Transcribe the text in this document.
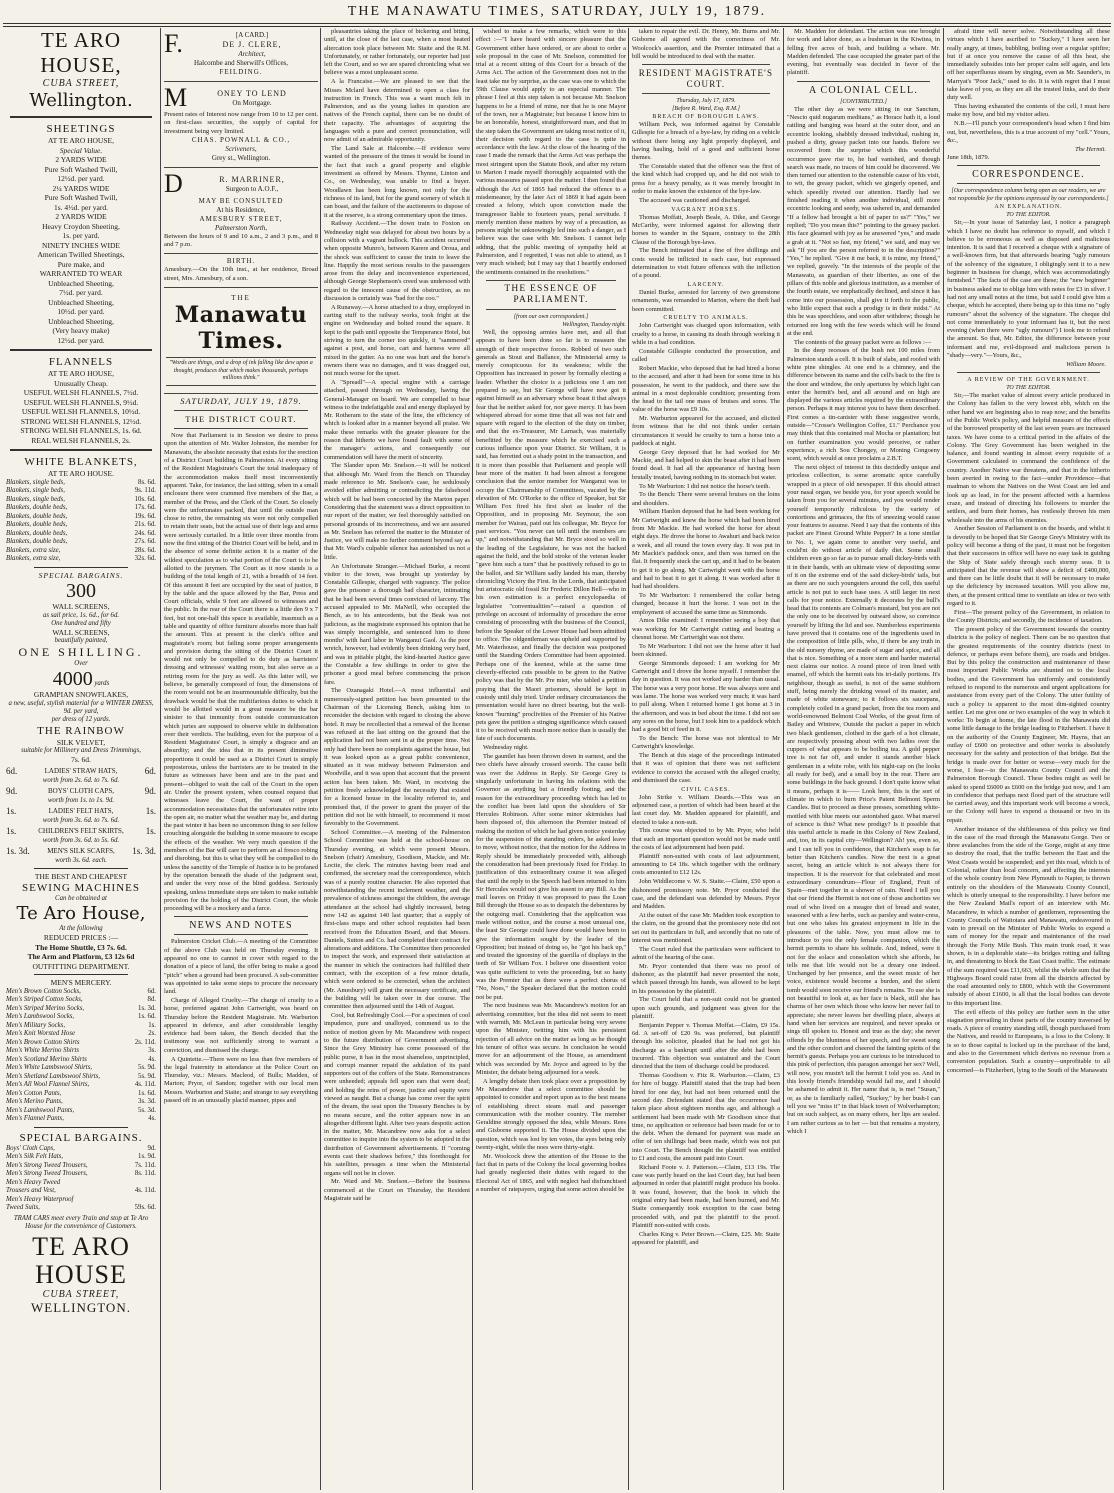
THE MANAWATU TIMES, SATURDAY, JULY 19, 1879.
TE ARO HOUSE,
CUBA STREET,
Wellington.
SHEETINGS
AT TE ARO HOUSE,
Special Value.
2 YARDS WIDE
Pure Soft Washed Twill,
12½d. per yard.
2¼ YARDS WIDE
Pure Soft Washed Twill,
1s. 4½d. per yard.
2 YARDS WIDE
Heavy Croydon Sheeting,
1s. per yard.
NINETY INCHES WIDE
American Twilled Sheetings,
Pure make, and
WARRANTED TO WEAR
Unbleached Sheeting,
7½d. per yard.
Unbleached Sheeting,
10½d. per yard.
Unbleached Sheeting,
(Very heavy make)
12½d. per yard.
FLANNELS
AT TE ARO HOUSE,
Unusually Cheap.
USEFUL WELSH FLANNELS, 7½d.
USEFUL WELSH FLANNELS, 9½d.
USEFUL WELSH FLANNELS, 10½d.
STRONG WELSH FLANNELS, 12½d.
STRONG WELSH FLANNELS, 1s. 6d.
REAL WELSH FLANNELS, 2s.
WHITE BLANKETS,
AT TE ARO HOUSE.
Blankets, single beds,	8s. 6d.
Blankets, single beds,	9s. 11d.
Blankets, single beds,	10s. 6d.
Blankets, double beds,	17s. 6d.
Blankets, double beds,	19s. 6d.
Blankets, double beds,	21s. 6d.
Blankets, double beds,	24s. 6d.
Blankets, double beds,	27s. 6d.
Blankets, extra size,	28s. 6d.
Blankets, extra size,	32s. 6d.
SPECIAL BARGAINS.
300
WALL SCREENS,
as sail price, 1s. 6d., for 6d.
One hundred and fifty
WALL SCREENS,
beautifully painted,
ONE SHILLING.
Over
4000 yards
GRAMPIAN SNOWFLAKES,
a new, useful, stylish material for a WINTER DRESS,
9d. per yard,
per dress of 12 yards.
THE RAINBOW
SILK VELVET,
suitable for Millinery and Dress Trimmings,
7s. 6d.
6d.	LADIES' STRAW HATS,	6d.
worth from 2s. 6d. to 7s. 6d.
9d.	BOYS' CLOTH CAPS,	9d.
worth from 1s. to 1s. 9d.
1s.	LADIES' FELT HATS,	1s.
worth from 3s. 6d. to 7s. 6d.
1s.	CHILDREN'S FELT SKIRTS, 1s.
worth from 3s. 6d. to 5s. 6d.
1s. 3d. MEN'S SILK SCARFS, 1s. 3d.
worth 3s. 6d. each.
THE BEST AND CHEAPEST
SEWING MACHINES
Can be obtained at
Te Aro House,
At the following
REDUCED PRICES :—
The Home Shuttle, £3 7s. 6d.
The Arm and Platform, £3 12s 6d
OUTFITTING DEPARTMENT.
MEN'S MERCERY.
Men's Brown Cotton Socks,	6d.
Men's Striped Cotton Socks,	8d.
Men's Striped Merino Socks,	1s. 3d.
Men's Lambswool Socks,	1s. 6d.
Men's Military Socks,	1s.
Men's Knit Worsted Hose	2s.
Men's Brown Cotton Shirts	2s. 11d.
Men's White Merino Shirts	3s.
Men's Scotland Merino Shirts	4s.
Men's White Lambswool Shirts,	5s. 9d.
Men's Shetland Lambswool Shirts,	5s. 9d.
Men's All Wool Flannel Shirts,	4s. 11d.
Men's Cotton Pants,	1s. 6d.
Men's Merino Pants,	3s. 3d.
Men's Lambswool Pants,	5s. 3d.
Men's Flannel Pants,	4s.
SPECIAL BARGAINS.
Boys' Cloth Caps,	9d.
Men's Silk Felt Hats,	1s. 9d.
Men's Strong Tweed Trousers,	7s. 11d.
Men's Strong Tweed Trousers,	8s. 11d.
Men's Heavy Tweed
Trousers and Vest,	4s. 11d.
Men's Heavy Waterproof
Tweed Suits,	59s. 6d.
TRAM CARS meet every Train and stop at Te Aro House for the convenience of Customers.
TE ARO HOUSE
CUBA STREET,
WELLINGTON.
F.	[A CARD.]
DE J. CLERE,
Architect,
Halcombe and Sherwill's Offices,
FEILDING.
M	ONEY TO LEND
On Mortgage.
Present rates of Interest now range from 10 to 12 per cent. on first-class securities, the supply of capital for investment being very limited.
CHAS. POWNALL & CO.,
Scriveners,
Grey st., Wellington.
D	R. MARRINER,
Surgeon to A.O.F.,
MAY BE CONSULTED
At his Residence,
AMESBURY STREET,
Palmerston North,
Between the hours of 9 and 10 a.m., 2 and 3 p.m., and 8 and 7 p.m.
BIRTH.
Amesbury.—On the 10th inst., at her residence, Broad street, Mrs. Amesbury, of a son.
THE
Manawatu Times.
"Words are things, and a drop of ink falling like dew upon a thought, produces that which makes thousands, perhaps millions think."
SATURDAY, JULY 19, 1879.
THE DISTRICT COURT.

Now that Parliament is in Session we desire to press upon the attention of Mr. Walter Johnston, the member for Manawatu, the absolute necessity that exists for the erection of a District Court building in Palmerston. At every sitting of the Resident Magistrate's Court the total inadequacy of the accommodation makes itself most inconveniently apparent. Take, for instance, the last sitting, when in a small enclosure there were crammed five members of the Bar, a member of the Press, and the Clerk of the Court. So closely were the unfortunates packed, that until the outside man chose to retire, the remaining six were not only compelled to retain their seats, but the actual use of their legs and arms were seriously curtailed. In a little over three months from now the first sitting of the District Court will be held, and in the absence of some definite action it is a matter of the wildest speculation as to what portion of the Court is to be allotted to the jurymen. The Court as it now stands is a building of the total length of 21, with a breadth of 14 feet. Of this amount 8 feet are occupied by the seat of justice, 8 by the table and the space allowed by the Bar, Press and Court officials, while 9 feet are allowed to witnesses and the public. In the rear of the Court there is a little den 9 x 7 feet, but not one-half this space is available, inasmuch as a table and quantity of office furniture absorbs more than half the amount. This at present is the clerk's office and magistrate's room; but failing some proper arrangements and provision during the sitting of the District Court it would not only be compelled to do duty as barristers' dressing and witnesses' waiting room, but also serve as a retiring room for the jury as well. As this latter will, we believe, be generally composed of four, the dimensions of the room would not be an insurmountable difficulty, but the drawback would be that the multifarious duties to which it would be allotted would in a great measure be the bar sinister to that immunity from outside communication which juries are supposed to observe while in deliberation over their verdicts. The building, even for the purpose of a Resident Magistrates' Court, is simply a disgrace and an absurdity; and the idea that in its present diminutive proportions it could be used as a District Court is simply preposterous, unless the barristers are to be treated in the future as witnesses have been and are in the past and present—obliged to wait the call of the Court in the open air. Under the present system, when counsel request that witnesses leave the Court, the want of proper accommodation necessitates that the unfortunates retire into the open air, no matter what the weather may be, and during the past winter it has been no uncommon thing to see fellow crouching alongside the building in some measure to escape the effects of the weather. We very much question if the members of the Bar will care to perform an al fresco robing and disrobing, but this is what they will be compelled to do unless the sanctity of the Temple of Justice is to be profaned by the operation beneath the shade of the judgment seat, and under the very nose of the blind goddess. Seriously speaking, unless immediate steps are taken to make suitable provision for the holding of the District Court, the whole proceeding will be a mockery and a farce.

NEWS AND NOTES

Palmerston Cricket Club.—A meeting of the Committee of the above Club was held on Thursday evening. It appeared no one to cannot in cover with regard to the donation of a piece of land, the offer being to make a good "pitch" when a ground had been procured. A sub-committee was appointed to take some steps to procure the necessary land.

Charge of Alleged Cruelty.—The charge of cruelty to a horse, preferred against John Cartwright, was heard on Thursday before the Resident Magistrate. Mr. Warburton appeared in defence, and after considerable lengthy evidence had been taken, the Bench decided that the testimony was not sufficiently strong to warrant a conviction, and dismissed the charge.

A Quintette.—There were no less than five members of the legal fraternity in attendance at the Police Court on Thursday, viz.: Messrs. Macleod, of Bulls; Madden, of Marton; Pryor, of Sandon; together with our local men Messrs. Warburton and Staite; and strange to say everything passed off in an unusually placid manner, pipes and

pleasantries taking the place of bickering and biting, until, at the close of the last case, when a most heated altercation took place between Mr. Staite and the R.M. Unfortunately, or rather fortunately, our reporter had just left the Court, and so we are spared chronicling what we believe was a most unpleasant scene.

A la Francaise.—We are pleased to see that the Misses Mclard have determined to open a class for instruction in French. This was a want much felt in Palmerston, and as the young ladies in question are natives of the French capital, there can be no doubt of their capacity. The advantages of acquiring the languages with a pure and correct pronunciation, will now admit of an admirable opportunity.

The Land Sale at Halcombe.—If evidence were wanted of the pressure of the times it would be found in the fact that such a grand property and eligible investment as offered by Messrs. Thynne, Linton and Co., on Wednesday, was unable to find a buyer. Woodlawn has been long known, not only for the richness of its land, but for the grand scenery of which it can boast, and the failure of the auctioneers to dispose of it at the reserve, is a strong commentary upon the times.

Railway Accident.—The down train to Foxton on Wednesday night was delayed for about two hours by a collision with a vagrant bullock. This accident occurred when opposite Munro's, between Karere and Oroua, and the shock was sufficient to cause the train to leave the line. Happily the most serious results to the passengers arose from the delay and inconvenience experienced, although George Stephenson's creed was undersood with regard to the innocent cause of the obstruction, as no discussion is certainly was "bad for the coo."

A Runaway.—A horse attached to a dray, employed in carting stuff to the railway works, took fright at the engine on Wednesday and bolted round the square. It kept to the path until opposite the Temperance Hotel, but striving to turn the corner too quickly, it "sammered" against a post, and horse, cart and harness were all mixed in the gutter. As no one was hurt and the horse's owners there was no damages, and it was dragged out, not much worse for the upset.

A "Spreadl"—A special engine with a carriage attached, passed through on Wednesday, having the General-Manager on board. We are compelled to bear witness to the indefatigable zeal and energy displayed by Mr. Rotheram to the state of the line, the efficiency of which is looked after in a manner beyond all praise. We make these remarks with the greater pleasure for the reason that hitherto we have found fault with some of the manager's actions, and consequently our commendation will have the merit of sincerity.

The Slander upon Mr. Snelson.—It will be noticed that although Mr. Ward from the Bench on Thursday made reference to Mr. Snelson's case, he sedulously avoided either admitting or contradicting the falsehood which will be had been concocted by the Marton paper. Considering that the statement was a direct opposition to our report of the matter, we feel thoroughly satisfied on personal grounds of its incorrectness, and we are assured as Mr. Snelson has referred the matter to the Minister of Justice, we will make no further comment beyond say as that Mr. Ward's culpable silence has astonished us not a little.

An Unfortunate Stranger.—Michael Burke, a recent visitor to the town, was brought up yesterday by Constable Gillespie, charged with vagrancy. The police gave the prisoner a thorough bad character, intimating that he had been several times convicted of larceny. The accused appealed to Mr. MaNeill, who occupied the Bench, as to his antecedents, but the Beak was not judicious, as the magistrate expressed his opinion that he was simply incorrigible, and sentenced him to three months' with hard labor in Wanganui Gaol. As the poor wretch, however, had evidently been drinking very hard, and was in pitiable plight, the kind-hearted Justice gave the Constable a few shillings in order to give the prisoner a good meal before commencing the prison fare.

The Ozanagaki Hotel.—A most influential and numerously-signed petition has been presented to the Chairman of the Licensing Bench, asking him to reconsider the decision with regard to closing the above hotel. It may be recollected that a renewal of the license was refused at the last sitting on the ground that the application had not been sent in at the proper time. Not only had there been no complaints against the house, but it was looked upon as a great public convenience, situated as it was midway between Palmerston and Woodville, and it was upon that account that the present action has been taken. Mr. Ward, in receiving the petition freely acknowledged the necessity that existed for a licensed house in the locality referred to, and promised that, if the power to grant the prayer of the petition did not lie with himself, to recommend it most favorably to the Government.

School Committee.—A meeting of the Palmerston School Committee was held at the school-house on Thursday evening, at which were present Messrs. Snelson (chair) Amesbury, Goodison, Mackie, and Mr. Loctie, the clerk. The minutes having been read and confirmed, the secretary read the correspondence, which was of a purely routine character. He also reported that notwithstanding the recent inclement weather, and the prevalence of sickness amongst the children, the average attendance at the school had slightly increased, being now 142 as against 140 last quarter; that a supply of first-class maps and other school requisites had been received from the Education Board, and that Messrs. Daniels, Sutton and Co. had completed their contract for alterations and additions. The Committee then proceeded to inspect the work, and expressed their satisfaction at the manner in which the contractors had fulfilled their contract, with the exception of a few minor details, which were ordered to be corrected, when the architect (Mr. Amesbury) will grant the necessary certificate, and the building will be taken over in due course. The committee then adjourned until the 14th of August.

Cool, but Refreshingly Cool.—For a specimen of cool impudence, pure and unalloyed, commend us to the notice of motion given by Mr. Macandrew with respect to the future distribution of Government advertising. Since the Grey Ministry has come possessed of the public purse, it has in the most shameless, unprincipled, and corrupt manner repaid the adulation of its paid supporters out of the coffers of the State. Remonstrances were unheeded; appeals fell upon ears that were deaf; and holding the reins of power, justice and equity were viewed as naught. But a change has come over the spirit of the dream, the seat upon the Treasury Benches is by no means secure, and the rotter appears now in an altogether different light. After two years despotic action in the matter, Mr. Macandrew now asks for a select committee to inquire into the system to be adopted in the distribution of Government advertisements. If "coming events cast their shadows before," this forethought for his satellites, presages a time when the Ministerial organs will not be in clover.

Mr. Ward and Mr. Snelson.—Before the business commenced at the Court on Thursday, the Resident Magistrate said he

wished to make a few remarks, which were to this effect :—"I have heard with sincere pleasure that the Government either have ordered, or are about to order a sole proposal in the case of Mr. Snelson, committed for trial at a recent sitting of this Court for a breach of the Arms Act. The action of the Government does not in the least take me by surprise, as the case was one to which the 59th Clause would apply to an especial manner. The phrase I feel at this step taken is not because Mr. Snelson happens to be a friend of mine, nor that he is one Mayor of the town, nor a Magistrate; but because I know him to be an honorable, honest, straightforward man, and that in the step taken the Government are taking most notice of it, their decision with regard to the case is quite in accordance with the law. At the close of the hearing of the case I made the remark that the Arms Act was perhaps the most stringent upon the Statute Book, and after my return to Marton I made myself thoroughly acquainted with the various measures passed upon the matter. I then found that although the Act of 1865 had reduced the offence to a misdemeanor, by the later Act of 1869 it had again been created a felony, which upon conviction made the transgressor liable to fourteen years, penal servitude. I merely mention these matters by way of a precaution, as persons might be unknowingly led into such a danger, as I believe was the case with Mr. Snelson. I cannot help adding, that the public meeting of sympathy held at Palmerston, and I regretted, I was not able to attend, as I very much wished; but I may say that I heartily endorsed the sentiments contained in the resolutions."

THE ESSENCE OF PARLIAMENT.
[from our own correspondent.]
Wellington, Tuesday night.

Well, the opposing armies have met, and all that appears to have been done so far is to measure the strength of their respective forces. Robbed of two such generals as Stout and Ballance, the Ministerial army is merely conspicuous for its weakness; while the Opposition has increased in power by formally electing a leader. Whether the choice is a judicious one I am not prepared to say, but Sir George will have now got it against himself as an adversary whose boast it that always fear that he neither asked for, nor gave mercy. It has been whispered abroad for some time that all was not fair and square with regard to the election of the duty on timber, and that the ex-Treasurer, Mr Larnach, was materially benefitted by the measure which he exercised such a curious influence upon your District. Sir William, it is said, has ferretted out a shady point in the transaction, and it is more than possible that Parliament and people will hear more of the matter. It had been almost a foregone conclusion that the senior member for Wanganui was to occupy the Chairmanship of Committees, vacated by the elevation of Mr. O'Rorke to the office of Speaker, but Sir William Fox fired his first shot as leader of the Opposition, and in proposing Mr. Seymour, the son member for Wairau, paid out his colleague, Mr. Bryce for past services. "You never can tell until the members are up," and notwithstanding that Mr. Bryce stood so well in the leading of the Legislature, he was not the backed against the field, and the bold stroke of the veteran leader "gave him such a turn" that he positively refused to go to the ballot, and Sir William sadly landed his man, thereby chronicling Victory the First. In the Lords, that anticipated but aristocratic old fossil Sir Frederic Dillon Bell—who in his own estimation is a perfect encyclopaedia of legislative "conventualities"—raised a question of privilege on account of informality of procedure the error consisting of proceeding with the business of the Council, before the Speaker of the Lower House had been admitted to office. The oldgentleman was upheld and supported by Mr. Waterhouse, and finally the decision was postponed until the Standing Orders Committee had been appointed. Perhaps one of the keenest, while at the same time cleverly-effected cuts possible to be given to the Native policy was that by the Mr. Pre mier, who tabled a petition praying that the Maori prisoners, should be kept in custody until duly tried. Under ordinary circumstances the presentation would have no direct bearing, but the well-known "burning" proclivities of the Premier of his Native pets gave the petition a stinging significance which caused it to be received with much more notice than is usually the fate of such documents.

Wednesday night.

The gauntlet has been thrown down in earnest, and the two chiefs have already crossed swords. The cause belli was over the Address in Reply. Sir George Grey is singularly unfortunate in having his relations with the Governor as anything but a friendly footing, and the reason for the extraordinary proceeding which has led to the conflict has been laid upon the shoulders of Sir Hercules Robinson. After some minor skirmishes had been disposed of, this afternoon the Premier instead of making the motion of which he had given notice yesterday for the suspension of the standing orders, he asked leave to move, without notice, that the motion for the Address in Reply should be immediately proceeded with, although the consideration had been previously fixed for Friday. In justification of this extraordinary course it was alleged that until the reply to the Speech had been returned to him Sir Hercules would not give his assent to any Bill. As the mail leaves on Friday it was proposed to pass the Loan Bill through the House so as to despatch the debentures by the outgoing mail. Considering that the application was made without notice, and the course a most unusual one, the least Sir George could have done would have been to give the information sought by the leader of the Opposition; but instead of doing so, he "got his back up," and treated the ignominy of the guerilla of displays in the teeth of Sir William Fox. I believe one dissentient voice was quite sufficient to veto the proceeding, but so hasty was the Premier that as there were a perfect chorus of "No, Noes," the Speaker declared that the motion could not be put.

The next business was Mr. Macandrew's motion for an advertising committee, but the idea did not seem to meet with warmth, Mr. McLean in particular being very severe upon the Minister, twitting him with his persistent rejection of all advice on the matter as long as he thought his tenure of office was secure. In conclusion he would move for an adjournment of the House, as amendment which was seconded by Mr. Joyce and agreed to by the Minister, the debate being adjourned for a week.

A lengthy debate then took place over a proposition by Mr Macandrew that a select committee should be appointed to consider and report upon as to the best means of establishing direct steam mail and passenger communication with the mother country. The member Geraldine strongly opposed the idea, while Messrs. Rees and Gisborne supported it. The House divided upon the question, which was lost by ten votes, the ayes being only twenty-eight, while the noes were thirty-eight.

Mr. Woolcock drew the attention of the House to the fact that in parts of the Colony the local governing bodies had greatly neglected their duties with regard to the Electoral Act of 1865, and with neglect had disfranchised a number of ratepayers, urging that some action should be

taken to repair the evil. Dr. Henry, Mr. Burns and Mr. Gisborne all agreed with the correctness of Mr. Woolcock's assertion, and the Premier intimated that a bill would be introduced to deal with the matter.

RESIDENT MAGISTRATE'S COURT.
Thursday, July 17, 1879.
[Before R. Ward, Esq. R.M.]
BREACH OF BOROUGH LAWS.

William Peck, was informed against by Constable Gillespie for a breach of a bye-law, by riding on a vehicle without there being any light properly displayed, and having hauling, hold of a good and sufficient horse themes.

The Constable stated that the offence was the first of the kind which had cropped up, and he did not wish to press for a heavy penalty, as it was merely brought in order to make known the existence of the bye-law.

The accused was cautioned and discharged.

VAGRANT HORSES.

Thomas Moffatt, Joseph Beale, A. Dike, and George McCarthy, were informed against for allowing their horses to wander in the Square, contrary to the 28th Clause of the Borough bye-laws.

The Bench intimated that a fine of five shillings and costs would be inflicted in each case, but expressed determination to visit future offences with the infliction of a pound.

LARCENY.

Daniel Burke, arrested for larceny of two greenstone ornaments, was remanded to Marton, where the theft had been committed.

CRUELTY TO ANIMALS.

John Cartwright was charged upon information, with cruelty to a horse, in causing its death through working it while in a bad condition.

Constable Gillespie conducted the prosecution, and called

Robert Mackie, who deposed that he had hired a horse to the accused, and after it had been for some time in his possession, he went to the paddock, and there saw the animal in a most deplorable condition; presenting from the head to the tail one mass of bruises and sores. The value of the horse was £9 10s.

Mr. Warburton appeared for the accused, and elicited from witness that he did not think under certain circumstances it would be cruelty to turn a horse into a paddock at night.

George Grey deposed that he had worked for Mr Mackie, and had helped to skin the beast after it had been found dead. It had all the appearance of having been brutally treated, having nothing in its stomach but water.

To Mr Warburton: I did not notice the horse's teeth.

To the Bench: There were several bruises on the loins and shoulders.

William Hanlon deposed that he had been working for Mr Cartwright and knew the horse which had been hired from Mr Mackie. He had worked the horse for about eight days. He drove the horse to Awahuri and back twice a week, and all round the town every day. It was put in Mr Mackie's paddock once, and then was turned on the flat. It frequently stuck the cart up, and it had to be beaten to get it to go along. Mr Cartwright went with the horse and had to beat it to get it along. It was worked after it had had shoulders.

To Mr Warburton: I remembered the collar being changed, because it hurt the horse. I was not in the employment of accused the same time as Simmonds.

Amos Dike examined: I remember seeing a boy that was working for Mr Cartwright cutting and beating a chesnut horse. Mr Cartwright was not there.

To Mr Warburton: I did not see the horse after it had been skinned.

George Simmonds deposed: I am working for Mr Cartwright and I drove the horse myself. I remember the day in question. It was not worked any harder than usual. The horse was a very poor horse. He was always sore and was lame. The horse was worked very much; it was hard to pull along. When I returned home I got home at 3 in the afternoon, and was in bed about the time. I did not see any sores on the horse, but I took him to a paddock which had a good bit of feed in it.

To the Bench: The horse was not identical to Mr Cartwright's knowledge.

The Bench at this stage of the proceedings intimated that it was of opinion that there was not sufficient evidence to convict the accused with the alleged cruelty, and dismissed the case.

CIVIL CASES.

John Strike v. William Deards.—This was an adjourned case, a portion of which had been heard at the last court day. Mr. Madden appeared for plaintiff, and elected to take a non-suit.

This course was objected to by Mr. Pryor, who held that such an important question would not be made until the costs of last adjournment had been paid.

Plaintiff non-suited with costs of last adjournment, amounting to £4 18s. which together with the ordinary costs amounted to £12 12s.

John Widdlecome v. W. S. Staite.—Claim, £50 upon a dishonored promissory note. Mr. Pryor conducted the case, and the defendant was defended by Messrs. Pryor and Madden.

At the outset of the case Mr. Madden took exception to the claim, on the ground that the promissory note did not set out its particulars in full, and secondly that no rate of interest was mentioned.

The Court ruled that the particulars were sufficient to admit of the hearing of the case.

Mr. Pryor contended that there was no proof of dishonor, as the plaintiff had never presented the note, which passed through his hands, was allowed to be kept in his possession by the plaintiff.

The Court held that a non-suit could not be granted upon such grounds, and judgment was given for the plaintiff.

Benjamin Pepper v. Thomas Moffat.—Claim, £9 15s. 6d. A set-off of £20 9s. was preferred, but plaintiff through his solicitor, pleaded that he had not got his discharge as a bankrupt until after the debt had been incurred. This objection was sustained and the Court directed that the item of discharge could be produced.

Thomas Goodison v. Fitz R. Warburton.—Claim, £3 for hire of buggy. Plaintiff stated that the trap had been hired for one day, but had not been returned until the second day. Defendant stated that the occurrence had taken place about eighteen months ago, and although a settlement had been made with Mr Goodison since that time, no application or reference had been made for or to the debt. When the demand for payment was made an offer of ten shillings had been made, which was not put into Court. The Bench thought the plaintiff was entitled to £1 and costs, the amount paid into Court.

Richard Foote v. J. Patterson.—Claim, £13 19s. The case was partly heard on the last Court day, but had been adjourned in order that plaintiff might produce his books. It was found, however, that the book in which the original entry had been made, had been burned, and Mr. Staite consequently took exception to the case being proceeded with, and put the plaintiff to the proof. Plaintiff non-suited with costs.

Charles King v. Peter Brown.—Claim, £25. Mr. Staite appeared for plaintiff, and

Mr. Madden for defendant. The action was one brought for work and labor done, as a bushman in the Kiwitea, in felling five acres of bush, and building a whare. Mr. Madden defended. The case occupied the greater part of the evening, but eventually was decided in favor of the plaintiff.

A COLONIAL CELL.
[CONTRIBUTED.]

The other day as we were sitting in our Sanctum, "Nescio quid nugarum meditans," as Horace hath it, a loud rattling and banging was heard at the outer door, and an eccentric looking, shabbily dressed individual, rushing in, pushed a dirty, greasy packet into our hands. Before we recovered from the surprise which this wonderful occurrence gave rise to, he had vanished, and though search was made, no traces of him could be discovered. We then turned our attention to the ostensible cause of his visit, to wit, the greasy packet, which we gingerly opened, and which speedily riveted our attention. Hardly had we finished reading it when another individual, still more eccentric looking and seedy, was ushered in, and demanded "If a fellow had brought a bit of paper to us?" "Yes," we replied; "Do you mean this?" pointing to the greasy packet. His face gleamed with joy as he answered "yes," and made a grab at it. "Not so fast, my friend," we said, and may we ask "If you are the person referred to in the description?" "Yes," he replied. "Give it me back, it is mine, my friend," we replied, gravely. "In the interests of the people of the Manawatu, as guardian of their liberties, as one of the pillars of this noble and glorious institution, as a member of the fourth estate, we emphatically declined, and since it has come into our possession, shall give it forth to the public, who little expect that such a prodigy is in their midst." At this he was speechless, and soon after withdrew; though he returned ere long with the few words which will be found at the end.

The contents of the greasy packet were as follows :—

In the deep recesses of the bush not 100 miles from Palmerston stands a cell. It is built of slabs, and roofed with white pine shingles. At one end is a chimney, and the difference between its name and the cell's back to the fire is the door and window, the only apertures by which light can enter the hermit's bed, and all around and on high are displayed the various articles required by the extraordinary person. Perhaps it may interest you to have them described. First comes a tin-canister with these suggestive words, outside—"Crosse's Wellington Coffee, £1." Perchance you may think that this contained real Mocha or plantation; but on further examination you would perceive, or rather experience, a rich Sou Chongey, or Moning Congoeny scent, which would at once proclaim a 2.B.T.

The next object of interest in this decidedly unique and priceless collection, is some aromatic spice carefully wrapped in a piece of old newspaper. If this should attract your nasal organ, we beside you, for your speech would be taken from you for several minutes, and you would render yourself temporarily ridiculous by the variety of contortions and grimaces, the fits of sneezing would cause your features to assume. Need I say that the contents of this packet are Finest Ground White Pepper? In a tone similar to No. 1, we again come to another very useful, and could'nt do without article of daily diet. Some small children even go so far as to pursue small dickey-birds with it in their hands, with an ultimate view of depositing some of it on the extreme end of the said dickey-birds' tails, but as there are no such youngsters around the cell, this useful article is not put to such base uses. A still larger tin next calls for your notice. Externally it decorates by the bull's head that its contents are Colman's mustard, but you are not the only one to be deceived by outward show, so convince yourself by lifting the lid and see. Numberless experiments have proved that it contains one of the ingredients used in the composition of little pills, who, if there be any truth in the old nursery rhyme, are made of sugar and spice, and all that is nice. Something of a more stern and harder material next claims our notice. A round piece of iron lined with enamel, off which the hermit eats his tri-daily portions. It's neighbour, though as useful, is not of the same stubborn stuff, being merely the drinking vessel of its master, and made of white stoneware; to it follows six saucepans, completely coiled in a grand packet, from the tea room and world-renowned Belmont Coal Works, of the great firm of Bailey and Wintrew, Outside the packet a paper in which two black gentlemen, clothed in the garb of a hot climate, are respectively pressing about with two ladies over the cuppers of what appears to be boiling tea. A gold pepper tree is not far off, and under it stands another black gentleman in a white robe, with his night-cap on (he looks all ready for bed), and a small boy in the rear. There are some buildings in the back ground. I don't quite know what it means, perhaps it is—— Look here, this is the sort of climate in which to burn Price's Patent Belmont Sperm Candles. But to proceed as these presses, something white-mottled with blue meets our astonished gaze. What marvel of science is this? What new prodigy? Is it possible that this useful article is made in this Colony of New Zealand, and, too, in its capital city—Wellington? Ah! yes, even so, and I can tell you in confidence, that Kitchen's soap is far better than Kitchen's candles. Now the next is a great secret, being an article which is not always there for inspection. It is the reservoir for that celebrated and most extraordinary conundrum—Flour of England, Fruit of Spain—met together in a shower of rain. Need I tell you that our friend the Hermit is not one of those anchorites we read of who lived on a meagre diet of bread and water, seasoned with a few herbs, such as parsley and water-cress, but one who takes his greatest enjoyment in life in the pleasures of the table. Now, you must allow me to introduce to you the only female companion, which the hermit permits to share his solitude. And, indeed, were it not for the solace and consolation which she affords, he tells me that life would not be a dreary one indeed. Unchanged by her presence, and the sweet music of her voice, existence would become a burden, and the silent tomb would soon receive our friend's remains. To use she is not beautiful to look at, as her face is black, still she has charms of her own which those who know her never fail to appreciate; she never leaves her dwelling place, always at hand when her services are required, and never speaks or sings till spoken to. Honest and true as the day; she never offends by the bluntness of her speech, and for sweet song and the other comfort and cheered the fainting spirits of the hermit's guests. Perhaps you are curious to be introduced to this pink of perfection, this paragon amongst her sex? Well, will now, you mustn't tell the hermit I told you so. And in this lovely friend's friendship would fail me, and I should be ashamed to admit it. Her name that is, is me! "Susan," or, as she is familiarly called, "Suckey," by her bush-I can tell you we "miss it" in that black town of Wolverhampton; but on such subject, as on many others, her lips are sealed. I am rather curious as to her — but that remains a mystery, which I

afraid time will never solve. Notwithstanding all these virtues which I have ascribed to "Suckey," I have seen her really angry, at times, bubbling, boiling over a regular spitfire; but if at once you remove the cause of all this heat, she immediately subsides into her proper calm self again, and lets off her superfluous steam by singing, even as Mr. Saunder's, in Marryat's "Poor Jack," used to do. It is with regret that I must take leave of you, as they are all the trusted links, and do their duty well.

Thus having exhausted the contents of the cell, I must here make my bow, and bid my visitor adieu.

N.B.—I'll punch your correspondent's head when I find him out, but, nevertheless, this is a true account of my "cell." Yours, &c.,

The Hermit.
June 18th, 1879.
CORRESPONDENCE.
[Our correspondence column being open as our readers, we are not responsible for the opinions expressed by our correspondents.]
AN EXPLANATION.
TO THE EDITOR.

Sir,—In your issue of Saturday last, I notice a paragraph which I have no doubt has reference to myself, and which I believe to be erroneous as well as disposed and malicious intention. It is said that I received a cheque with a signature of a well-known firm, but that afterwards bearing "ugly rumours of the solvency of the signature, I obligingly sent it to a new beginner in business for change, which was accommodatingly furnished." The facts of the case are these; the "new beginner" in business asked me to oblige him with notes for £3 in silver. I had not any small notes at the time, but said I could give him a cheque, which he accepted, there being up to this time no "ugly rumours" about the solvency of the signature. The cheque did not come immediately to your informant has it, but the next evening (when there were "ugly rumours") I took me to refund the amount. So that, Mr. Editor, the difference between your informant and me, evil-disposed and malicious person is "shady—very."—Yours, &c.,

William Moore.
A REVIEW OF THE GOVERNMENT.
TO THE EDITOR.

Sir,—The market value of almost every article produced in the Colony has fallen to the very lowest ebb, which on the other hand we are beginning also to reap now; and the benefits of the Public Work's policy, and helpful measure of the effects of the borrowed prosperity of the last seven years are increased taxes. We have come to a critical period in the affairs of the Colony. The Grey Government has been weighed in the balance, and found wanting in almost every requisite of a Government calculated to command the confidence of the country. Another Native war threatens, and that in the hitherto been averted in owing to the fact—under Providence—that madman to whom the Natives on the West Coast are led and look up as lead, in for the present affected with a harmless craze, and instead of directing his followers to murder the settlers, and burn their homes, has restlessly thrown his men wholesale into the arms of his enemies.

Another Session of Parliament is on the boards, and whilst it is devoutly to be hoped that Sir George Grey's Ministry with its policy will become a thing of the past, it must not be forgotten that their successors in office will have no easy task in guiding the Ship of State safely through such stormy seas. It is anticipated that the revenue will show a deficit of £400,000, and there can be little doubt that it will be necessary to make up the deficiency by increased taxation. Will you allow me, then, at the present critical time to ventilate an idea or two with regard to it.

First—The present policy of the Government, in relation to the County Districts; and secondly, the incidence of taxation.

The present policy of the Government towards the country districts is the policy of neglect. There can be no question that the greatest requirements of the country districts (next to defence, or perhaps even before them), are roads and bridges. But by this policy the construction and maintenance of these most important Public Works are shunted on to the local bodies, and the Government has uniformly and consistently refused to respond to the numerous and urgent applications for assistance from every part of the Colony. The utter futility of such a policy is apparent to the most dim-sighted country settler. Let me give one or two examples of the way in which it works: To begin at home, the late flood in the Manawatu did some little damage to the bridge leading to Fitzherbert. I have it on the authority of the County Engineer, Mr. Hayns, that an outlay of £600 on protective and other works is absolutely necessary for the safety and protection of that bridge. But the bridge is made over for better or worse—very much for the worse, I fear—to the Manawatu County Council and the Palmerston Borough Council. These bodies might as well be asked to spend £6000 as £600 on the bridge just now, and I am in confidence that perhaps next flood part of the structure will be carried away, and this important work will become a wreck, or the Colony will have to expend a thousand or two in its repair.

Another instance of the shiftlessness of this policy we find in the case of the road through the Manawatu Gorge. Two or three avalanches from the side of the Gorge, might at any time so destroy the road, that the traffic between the East and the West Coasts would be suspended; and yet this road, which is of Colonial, rather than local concern, and affecting the interests of the whole country from New Plymouth to Napier, is thrown entirely on the shoulders of the Manawatu County Council, which is utterly unequal to the responsibility. I have before me the New Zealand Mail's report of an interview with Mr. Macandrew, in which a number of gentlemen, representing the County Councils of Waitotara and Manawatu, endeavoured in vain to prevail on the Minister of Public Works to expend a sum of money for the repair and maintenance of the road through the Forty Mile Bush. This main trunk road, it was shown, is in a deplorable state—its bridges rotting and falling in, and threatening to block the East Coast traffic. The estimate of the sum required was £11,663, whilst the whole sum that the Highways Board could raise from all the districts affected by the road amounted only to £800, which with the Government subsidy of about £1600, is all that the local bodies can devote to this important line.

The evil effects of this policy are further seen in the utter stagnation prevailing in those parts of the country traversed by roads. A piece of country standing still, though purchased from the Natives, and resold to Europeans, is a loss to the Colony. It is so to those capital is locked up in the purchase of the land, and also to the Government which derives no revenue from a conversion population. Such a country—unprofitable to all concerned—is Fitzherbert, lying to the South of the Manawatu
